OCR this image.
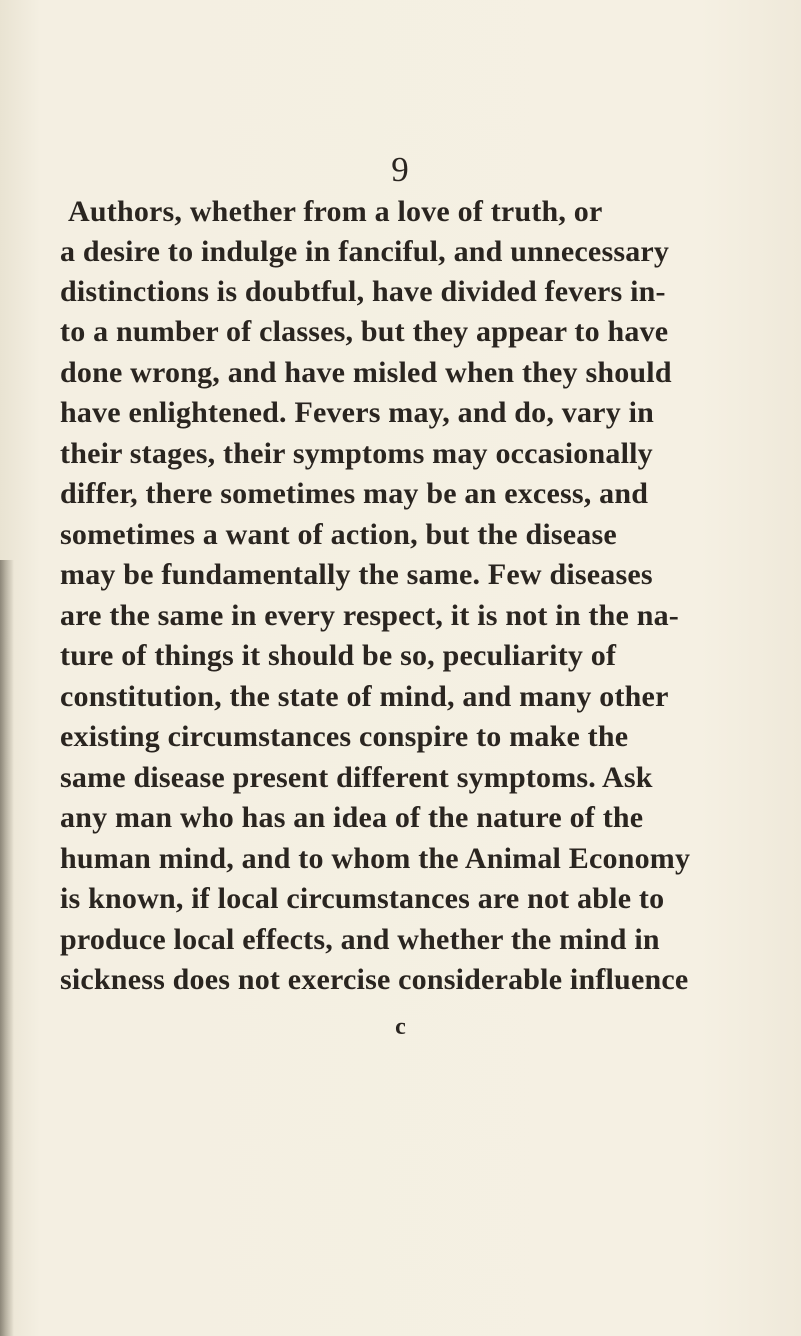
9
Authors, whether from a love of truth, or
a desire to indulge in fanciful, and unnecessary
distinctions is doubtful, have divided fevers in-
to a number of classes, but they appear to have
done wrong, and have misled when they should
have enlightened. Fevers may, and do, vary in
their stages, their symptoms may occasionally
differ, there sometimes may be an excess, and
sometimes a want of action, but the disease
may be fundamentally the same. Few diseases
are the same in every respect, it is not in the na-
ture of things it should be so, peculiarity of
constitution, the state of mind, and many other
existing circumstances conspire to make the
same disease present different symptoms. Ask
any man who has an idea of the nature of the
human mind, and to whom the Animal Economy
is known, if local circumstances are not able to
produce local effects, and whether the mind in
sickness does not exercise considerable influence
c
